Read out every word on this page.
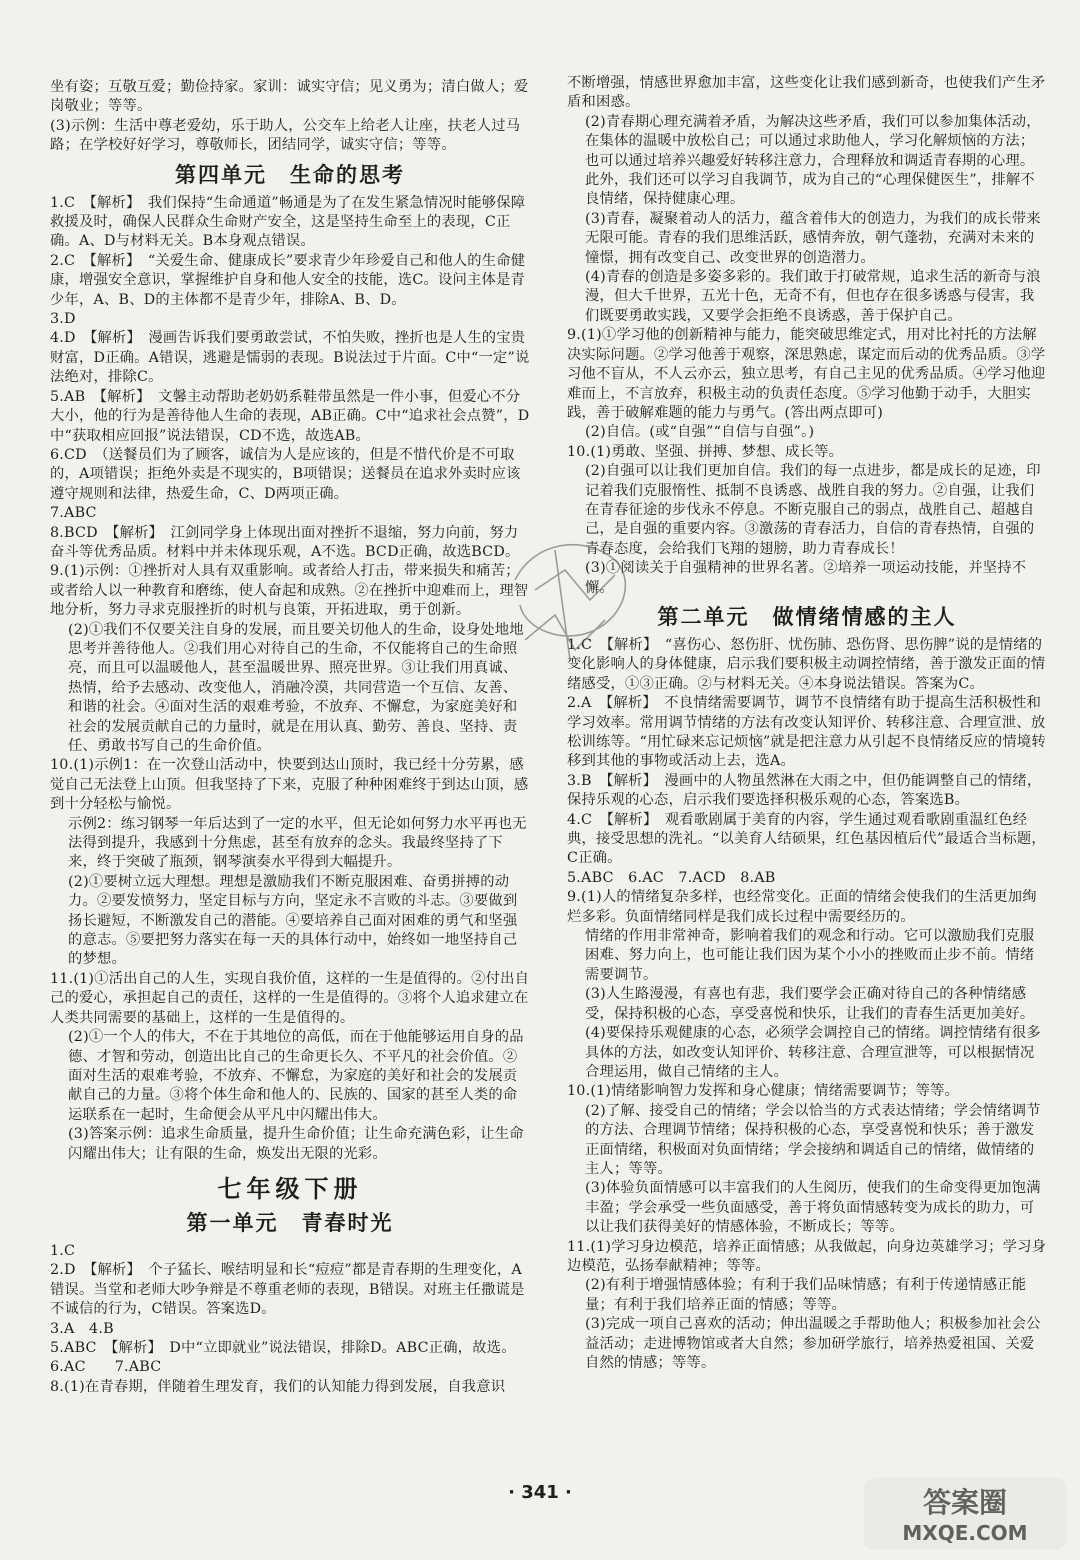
坐有姿；互敬互爱；勤俭持家。家训：诚实守信；见义勇为；清白做人；爱岗敬业；等等。
(3)示例：生活中尊老爱幼，乐于助人，公交车上给老人让座，扶老人过马路；在学校好好学习，尊敬师长，团结同学，诚实守信；等等。
第四单元　生命的思考
1.C　【解析】　我们保持“生命通道”畅通是为了在发生紧急情况时能够保障救援及时，确保人民群众生命财产安全，这是坚持生命至上的表现，C正确。A、D与材料无关。B本身观点错误。
2.C　【解析】　“关爱生命、健康成长”要求青少年珍爱自己和他人的生命健康，增强安全意识，掌握维护自身和他人安全的技能，选C。设问主体是青少年，A、B、D的主体都不是青少年，排除A、B、D。
3.D
4.D　【解析】　漫画告诉我们要勇敢尝试，不怕失败，挫折也是人生的宝贵财富，D正确。A错误，逃避是懦弱的表现。B说法过于片面。C中“一定”说法绝对，排除C。
5.AB　【解析】　文馨主动帮助老奶奶系鞋带虽然是一件小事，但爱心不分大小，他的行为是善待他人生命的表现，AB正确。C中“追求社会点赞”，D中“获取相应回报”说法错误，CD不选，故选AB。
6.CD　（送餐员们为了顾客，诚信为人是应该的，但是不惜代价是不可取的，A项错误；拒绝外卖是不现实的，B项错误；送餐员在追求外卖时应该遵守规则和法律，热爱生命，C、D两项正确。
7.ABC
8.BCD　【解析】　江剑同学身上体现出面对挫折不退缩，努力向前，努力奋斗等优秀品质。材料中并未体现乐观，A不选。BCD正确，故选BCD。
9.(1)示例：①挫折对人具有双重影响。或者给人打击，带来损失和痛苦；或者给人以一种教育和磨练，使人奋起和成熟。②在挫折中迎难而上，理智地分析，努力寻求克服挫折的时机与良策，开拓进取，勇于创新。
(2)①我们不仅要关注自身的发展，而且要关切他人的生命，设身处地地思考并善待他人。②我们用心对待自己的生命，不仅能将自己的生命照亮，而且可以温暖他人，甚至温暖世界、照亮世界。③让我们用真诚、热情，给予去感动、改变他人，消融冷漠，共同营造一个互信、友善、和谐的社会。④面对生活的艰难考验，不放弃、不懈怠，为家庭美好和社会的发展贡献自己的力量时，就是在用认真、勤劳、善良、坚持、责任、勇敢书写自己的生命价值。
10.(1)示例1：在一次登山活动中，快要到达山顶时，我已经十分劳累，感觉自己无法登上山顶。但我坚持了下来，克服了种种困难终于到达山顶，感到十分轻松与愉悦。
示例2：练习钢琴一年后达到了一定的水平，但无论如何努力水平再也无法得到提升，我感到十分焦虑，甚至有放弃的念头。我最终坚持了下来，终于突破了瓶颈，钢琴演奏水平得到大幅提升。
(2)①要树立远大理想。理想是激励我们不断克服困难、奋勇拼搏的动力。②要发愤努力，坚定目标与方向，坚定永不言败的斗志。③要做到扬长避短，不断激发自己的潜能。④要培养自己面对困难的勇气和坚强的意志。⑤要把努力落实在每一天的具体行动中，始终如一地坚持自己的梦想。
11.(1)①活出自己的人生，实现自我价值，这样的一生是值得的。②付出自己的爱心，承担起自己的责任，这样的一生是值得的。③将个人追求建立在人类共同需要的基础上，这样的一生是值得的。
(2)①一个人的伟大，不在于其地位的高低，而在于他能够运用自身的品德、才智和劳动，创造出比自己的生命更长久、不平凡的社会价值。②面对生活的艰难考验，不放弃、不懈怠，为家庭的美好和社会的发展贡献自己的力量。③将个体生命和他人的、民族的、国家的甚至人类的命运联系在一起时，生命便会从平凡中闪耀出伟大。
(3)答案示例：追求生命质量，提升生命价值；让生命充满色彩，让生命闪耀出伟大；让有限的生命，焕发出无限的光彩。
七年级下册
第一单元　青春时光
1.C
2.D　【解析】　个子猛长、喉结明显和长“痘痘”都是青春期的生理变化，A错误。当堂和老师大吵争辩是不尊重老师的表现，B错误。对班主任撒谎是不诚信的行为，C错误。答案选D。
3.A　4.B
5.ABC　【解析】　D中“立即就业”说法错误，排除D。ABC正确，故选。
6.AC　　7.ABC
8.(1)在青春期，伴随着生理发育，我们的认知能力得到发展，自我意识
不断增强，情感世界愈加丰富，这些变化让我们感到新奇，也使我们产生矛盾和困惑。
(2)青春期心理充满着矛盾，为解决这些矛盾，我们可以参加集体活动，在集体的温暖中放松自己；可以通过求助他人，学习化解烦恼的方法；也可以通过培养兴趣爱好转移注意力，合理释放和调适青春期的心理。此外，我们还可以学习自我调节，成为自己的“心理保健医生”，排解不良情绪，保持健康心理。
(3)青春，凝聚着动人的活力，蕴含着伟大的创造力，为我们的成长带来无限可能。青春的我们思维活跃，感情奔放，朝气蓬勃，充满对未来的憧憬，拥有改变自己、改变世界的创造潜力。
(4)青春的创造是多姿多彩的。我们敢于打破常规，追求生活的新奇与浪漫，但大千世界，五光十色，无奇不有，但也存在很多诱惑与侵害，我们既要勇敢实践，又要学会拒绝不良诱惑，善于保护自己。
9.(1)①学习他的创新精神与能力，能突破思维定式，用对比衬托的方法解决实际问题。②学习他善于观察，深思熟虑，谋定而后动的优秀品质。③学习他不盲从，不人云亦云，独立思考，有自己主见的优秀品质。④学习他迎难而上，不言放弃，积极主动的负责任态度。⑤学习他勤于动手，大胆实践，善于破解难题的能力与勇气。(答出两点即可)
(2)自信。(或“自强”“自信与自强”。)
10.(1)勇敢、坚强、拼搏、梦想、成长等。
(2)自强可以让我们更加自信。我们的每一点进步，都是成长的足迹，印记着我们克服惰性、抵制不良诱惑、战胜自我的努力。②自强，让我们在青春征途的步伐永不停息。不断克服自己的弱点，战胜自己、超越自己，是自强的重要内容。③激荡的青春活力，自信的青春热情，自强的青春态度，会给我们飞翔的翅膀，助力青春成长！
(3)①阅读关于自强精神的世界名著。②培养一项运动技能，并坚持不懈。
第二单元　做情绪情感的主人
1.C　【解析】　“喜伤心、怒伤肝、忧伤肺、恐伤肾、思伤脾”说的是情绪的变化影响人的身体健康，启示我们要积极主动调控情绪，善于激发正面的情绪感受，①③正确。②与材料无关。④本身说法错误。答案为C。
2.A　【解析】　不良情绪需要调节，调节不良情绪有助于提高生活积极性和学习效率。常用调节情绪的方法有改变认知评价、转移注意、合理宣泄、放松训练等。“用忙碌来忘记烦恼”就是把注意力从引起不良情绪反应的情境转移到其他的事物或活动上去，选A。
3.B　【解析】　漫画中的人物虽然淋在大雨之中，但仍能调整自己的情绪，保持乐观的心态，启示我们要选择积极乐观的心态，答案选B。
4.C　【解析】　观看歌剧属于美育的内容，学生通过观看歌剧重温红色经典，接受思想的洗礼。“以美育人结硕果，红色基因植后代”最适合当标题，C正确。
5.ABC　6.AC　7.ACD　8.AB
9.(1)人的情绪复杂多样，也经常变化。正面的情绪会使我们的生活更加绚烂多彩。负面情绪同样是我们成长过程中需要经历的。
情绪的作用非常神奇，影响着我们的观念和行动。它可以激励我们克服困难、努力向上，也可能让我们因为某个小小的挫败而止步不前。情绪需要调节。
(3)人生路漫漫，有喜也有悲，我们要学会正确对待自己的各种情绪感受，保持积极的心态，享受喜悦和快乐，让我们的青春生活更加美好。
(4)要保持乐观健康的心态，必须学会调控自己的情绪。调控情绪有很多具体的方法，如改变认知评价、转移注意、合理宣泄等，可以根据情况合理运用，做自己情绪的主人。
10.(1)情绪影响智力发挥和身心健康；情绪需要调节；等等。
(2)了解、接受自己的情绪；学会以恰当的方式表达情绪；学会情绪调节的方法、合理调节情绪；保持积极的心态，享受喜悦和快乐；善于激发正面情绪，积极面对负面情绪；学会接纳和调适自己的情绪，做情绪的主人；等等。
(3)体验负面情感可以丰富我们的人生阅历，使我们的生命变得更加饱满丰盈；学会承受一些负面感受，善于将负面情感转变为成长的助力，可以让我们获得美好的情感体验，不断成长；等等。
11.(1)学习身边模范，培养正面情感；从我做起，向身边英雄学习；学习身边模范，弘扬奉献精神；等等。
(2)有利于增强情感体验；有利于我们品味情感；有利于传递情感正能量；有利于我们培养正面的情感；等等。
(3)完成一项自己喜欢的活动；伸出温暖之手帮助他人；积极参加社会公益活动；走进博物馆或者大自然；参加研学旅行，培养热爱祖国、关爱自然的情感；等等。
· 341 ·	答案圈
MXQE.COM
